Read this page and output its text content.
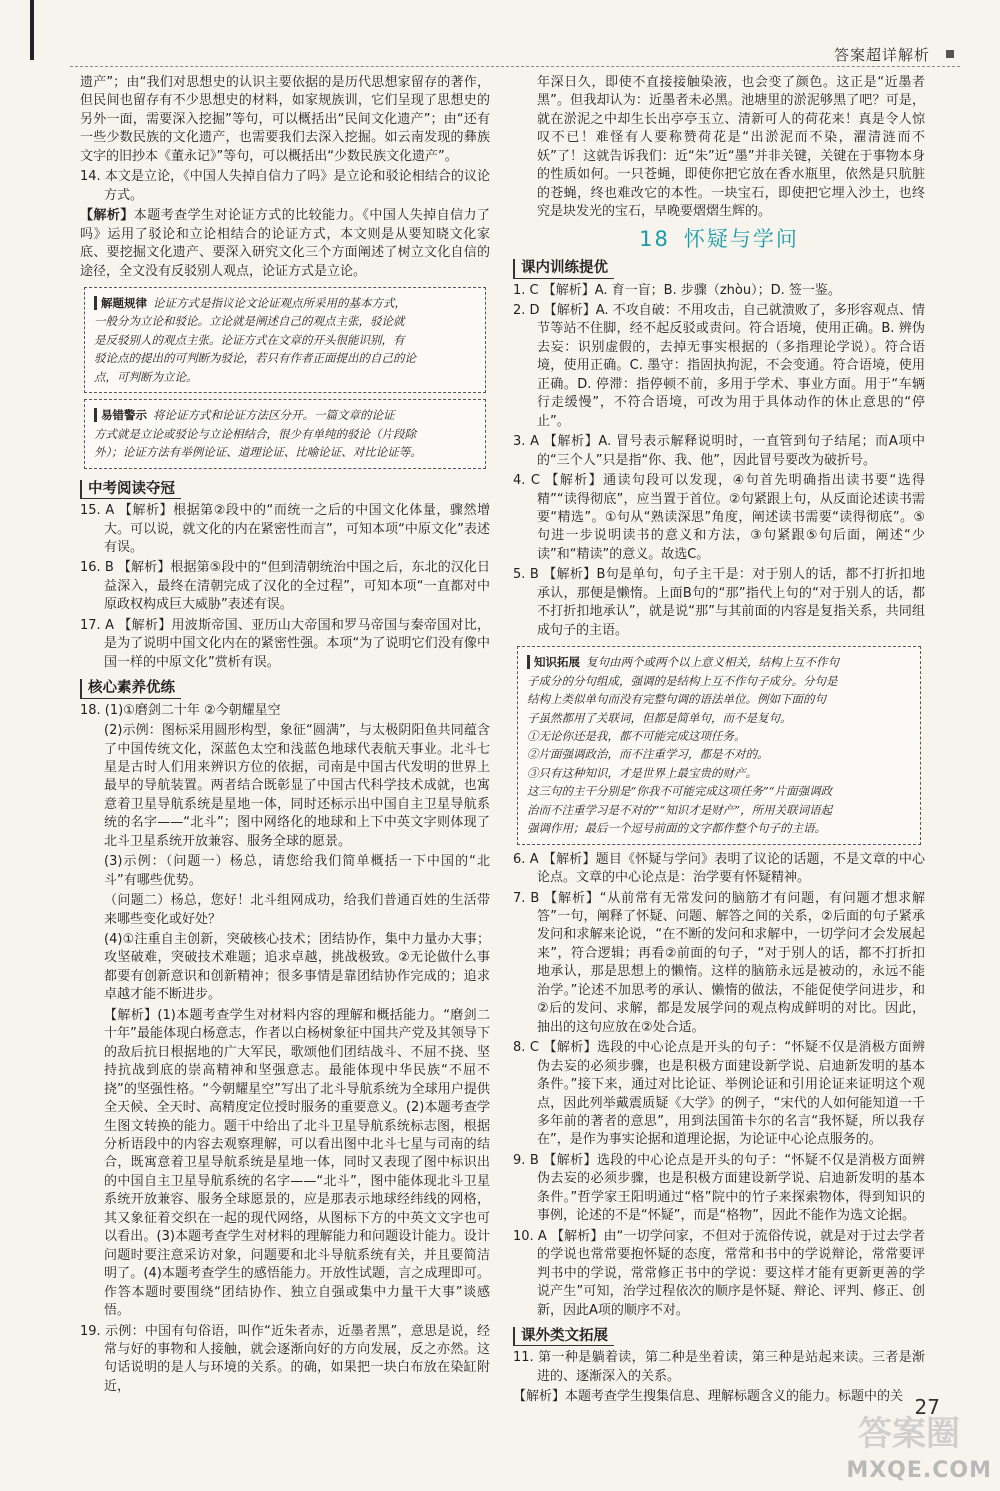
答案超详解析

遗产”；由“我们对思想史的认识主要依据的是历代思想家留存的著作，但民间也留存有不少思想史的材料，如家规族训，它们呈现了思想史的另外一面，需要深入挖掘”等句，可以概括出“民间文化遗产”；由“还有一些少数民族的文化遗产，也需要我们去深入挖掘。如云南发现的彝族文字的旧抄本《董永记》”等句，可以概括出“少数民族文化遗产”。

14. 本文是立论，《中国人失掉自信力了吗》是立论和驳论相结合的议论方式。

【解析】本题考查学生对论证方式的比较能力。《中国人失掉自信力了吗》运用了驳论和立论相结合的论证方式，本文则是从要知晓文化家底、要挖掘文化遗产、要深入研究文化三个方面阐述了树立文化自信的途径，全文没有反驳别人观点，论证方式是立论。

解题规律 论证方式是指议论文论证观点所采用的基本方式，
一般分为立论和驳论。立论就是阐述自己的观点主张，驳论就
是反驳别人的观点主张。论证方式在文章的开头很能识别，有
驳论点的提出的可判断为驳论，若只有作者正面提出的自己的论
点，可判断为立论。
易错警示 将论证方式和论证方法区分开。一篇文章的论证
方式就是立论或驳论与立论相结合，很少有单纯的驳论（片段除
外）；论证方法有举例论证、道理论证、比喻论证、对比论证等。
中考阅读夺冠

15. A 【解析】根据第②段中的“而统一之后的中国文化体量，骤然增大。可以说，就文化的内在紧密性而言”，可知本项“中原文化”表述有误。

16. B 【解析】根据第⑤段中的“但到清朝统治中国之后，东北的汉化日益深入，最终在清朝完成了汉化的全过程”，可知本项“一直都对中原政权构成巨大威胁”表述有误。

17. A 【解析】用波斯帝国、亚历山大帝国和罗马帝国与秦帝国对比，是为了说明中国文化内在的紧密性强。本项“为了说明它们没有像中国一样的中原文化”赏析有误。

核心素养优练

18. (1)①磨剑二十年 ②今朝耀星空

(2)示例：图标采用圆形构型，象征“圆满”，与太极阴阳鱼共同蕴含了中国传统文化，深蓝色太空和浅蓝色地球代表航天事业。北斗七星是古时人们用来辨识方位的依据，司南是中国古代发明的世界上最早的导航装置。两者结合既彰显了中国古代科学技术成就，也寓意着卫星导航系统是星地一体，同时还标示出中国自主卫星导航系统的名字——“北斗”；图中网络化的地球和上下中英文字则体现了北斗卫星系统开放兼容、服务全球的愿景。

(3)示例：（问题一）杨总，请您给我们简单概括一下中国的“北斗”有哪些优势。

（问题二）杨总，您好！北斗组网成功，给我们普通百姓的生活带来哪些变化或好处？

(4)①注重自主创新，突破核心技术；团结协作，集中力量办大事；攻坚破难，突破技术难题；追求卓越，挑战极致。②无论做什么事都要有创新意识和创新精神；很多事情是靠团结协作完成的；追求卓越才能不断进步。

【解析】(1)本题考查学生对材料内容的理解和概括能力。“磨剑二十年”最能体现白杨意志，作者以白杨树象征中国共产党及其领导下的敌后抗日根据地的广大军民，歌颂他们团结战斗、不屈不挠、坚持抗战到底的崇高精神和坚强意志。最能体现中华民族“不屈不挠”的坚强性格。“今朝耀星空”写出了北斗导航系统为全球用户提供全天候、全天时、高精度定位授时服务的重要意义。(2)本题考查学生图文转换的能力。题干中给出了北斗卫星导航系统标志图，根据分析语段中的内容去观察理解，可以看出图中北斗七星与司南的结合，既寓意着卫星导航系统是星地一体，同时又表现了图中标识出的中国自主卫星导航系统的名字——“北斗”，图中能体现北斗卫星系统开放兼容、服务全球愿景的，应是那表示地球经纬线的网格，其又象征着交织在一起的现代网络，从图标下方的中英文文字也可以看出。(3)本题考查学生对材料的理解能力和问题设计能力。设计问题时要注意采访对象，问题要和北斗导航系统有关，并且要简洁明了。(4)本题考查学生的感悟能力。开放性试题，言之成理即可。作答本题时要围绕“团结协作、独立自强或集中力量干大事”谈感悟。

19. 示例：中国有句俗语，叫作“近朱者赤，近墨者黑”，意思是说，经常与好的事物和人接触，就会逐渐向好的方向发展，反之亦然。这句话说明的是人与环境的关系。的确，如果把一块白布放在染缸附近，

年深日久，即使不直接接触染液，也会变了颜色。这正是“近墨者黑”。但我却认为：近墨者未必黑。池塘里的淤泥够黑了吧？可是，就在淤泥之中却生长出亭亭玉立、清新可人的荷花来！真是令人惊叹不已！难怪有人要称赞荷花是“出淤泥而不染，濯清涟而不妖”了！这就告诉我们：近“朱”近“墨”并非关键，关键在于事物本身的性质如何。一只苍蝇，即使你把它放在香水瓶里，依然是只肮脏的苍蝇，终也难改它的本性。一块宝石，即使把它埋入沙土，也终究是块发光的宝石，早晚要熠熠生辉的。

18 怀疑与学问
课内训练提优

1. C 【解析】A. 育一盲；B. 步骤（zhòu）；D. 签一鉴。

2. D 【解析】A. 不攻自破：不用攻击，自己就溃败了，多形容观点、情节等站不住脚，经不起反驳或责问。符合语境，使用正确。B. 辨伪去妄：识别虚假的，去掉无事实根据的（多指理论学说）。符合语境，使用正确。C. 墨守：指固执拘泥，不会变通。符合语境，使用正确。D. 停滞：指停顿不前，多用于学术、事业方面。用于“车辆行走缓慢”，不符合语境，可改为用于具体动作的休止意思的“停止”。

3. A 【解析】A. 冒号表示解释说明时，一直管到句子结尾；而A项中的“三个人”只是指“你、我、他”，因此冒号要改为破折号。

4. C 【解析】通读句段可以发现，④句首先明确指出读书要“选得精”“读得彻底”，应当置于首位。②句紧跟上句，从反面论述读书需要“精选”。①句从“熟读深思”角度，阐述读书需要“读得彻底”。⑤句进一步说明读书的意义和方法，③句紧跟⑤句后面，阐述“少读”和“精读”的意义。故选C。

5. B 【解析】B句是单句，句子主干是：对于别人的话，都不打折扣地承认，那便是懒惰。上面B句的“那”指代上句的“对于别人的话，都不打折扣地承认”，就是说“那”与其前面的内容是复指关系，共同组成句子的主语。

知识拓展 复句由两个或两个以上意义相关，结构上互不作句
子成分的分句组成，强调的是结构上互不作句子成分。分句是
结构上类似单句而没有完整句调的语法单位。例如下面的句
子虽然都用了关联词，但都是简单句，而不是复句。
①无论你还是我，都不可能完成这项任务。
②片面强调政治，而不注重学习，都是不对的。
③只有这种知识，才是世界上最宝贵的财产。
这三句的主干分别是“你我不可能完成这项任务”“片面强调政
治而不注重学习是不对的”“知识才是财产”，所用关联词语起
强调作用；最后一个逗号前面的文字都作整个句子的主语。

6. A 【解析】题目《怀疑与学问》表明了议论的话题，不是文章的中心论点。文章的中心论点是：治学要有怀疑精神。

7. B 【解析】“从前常有无常发问的脑筋才有问题，有问题才想求解答”一句，阐释了怀疑、问题、解答之间的关系，②后面的句子紧承发问和求解来论说，“在不断的发问和求解中，一切学问才会发展起来”，符合逻辑；再看②前面的句子，“对于别人的话，都不打折扣地承认，那是思想上的懒惰。这样的脑筋永远是被动的，永远不能治学。”论述不加思考的承认、懒惰的做法，不能促使学问进步，和②后的发问、求解，都是发展学问的观点构成鲜明的对比。因此，抽出的这句应放在②处合适。

8. C 【解析】选段的中心论点是开头的句子：“怀疑不仅是消极方面辨伪去妄的必须步骤，也是积极方面建设新学说、启迪新发明的基本条件。”接下来，通过对比论证、举例论证和引用论证来证明这个观点，因此列举戴震质疑《大学》的例子，“宋代的人如何能知道一千多年前的著者的意思”，用到法国笛卡尔的名言“我怀疑，所以我存在”，是作为事实论据和道理论据，为论证中心论点服务的。

9. B 【解析】选段的中心论点是开头的句子：“怀疑不仅是消极方面辨伪去妄的必须步骤，也是积极方面建设新学说、启迪新发明的基本条件。”哲学家王阳明通过“格”院中的竹子来探索物体，得到知识的事例，论述的不是“怀疑”，而是“格物”，因此不能作为选文论据。

10. A 【解析】由“一切学问家，不但对于流俗传说，就是对于过去学者的学说也常常要抱怀疑的态度，常常和书中的学说辩论，常常要评判书中的学说，常常修正书中的学说：要这样才能有更新更善的学说产生”可知，治学过程依次的顺序是怀疑、辩论、评判、修正、创新，因此A项的顺序不对。

课外类文拓展

11. 第一种是躺着读，第二种是坐着读，第三种是站起来读。三者是渐进的、逐渐深入的关系。

【解析】本题考查学生搜集信息、理解标题含义的能力。标题中的关 27
答案圈
MXQE.COM
